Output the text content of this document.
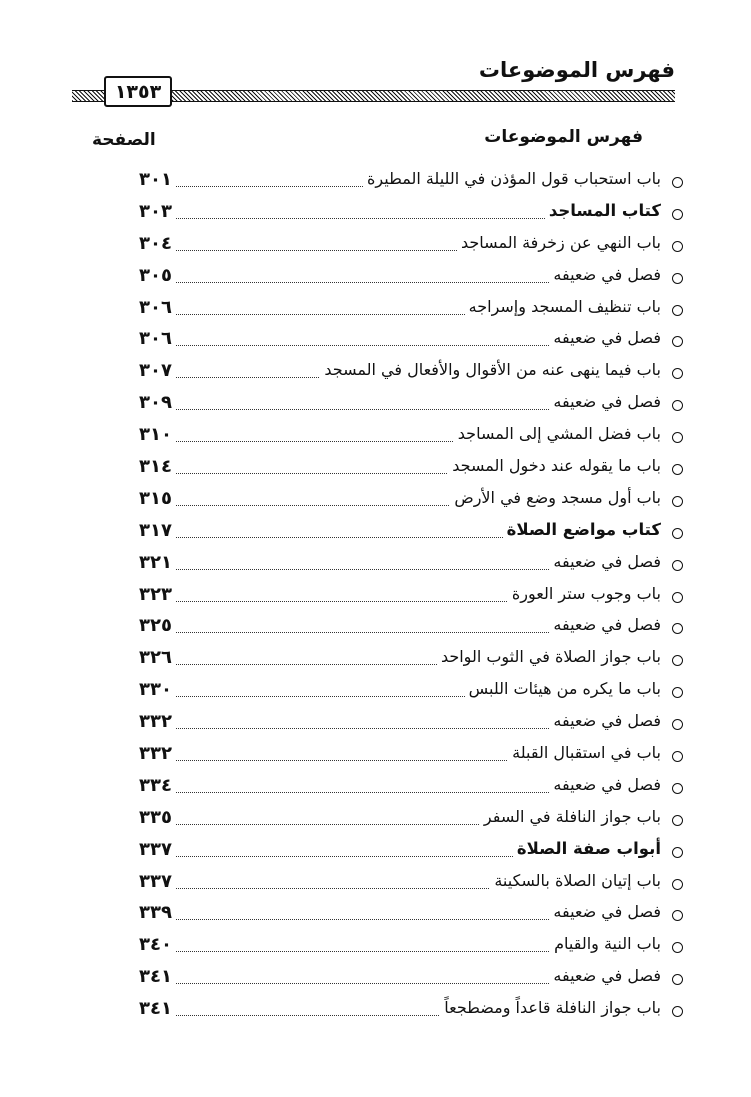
فهرس الموضوعات
١٣٥٣
فهرس الموضوعات
الصفحة
باب استحباب قول المؤذن في الليلة المطيرة
٣٠١
كتاب المساجد
٣٠٣
باب النهي عن زخرفة المساجد
٣٠٤
فصل في ضعيفه
٣٠٥
باب تنظيف المسجد وإسراجه
٣٠٦
فصل في ضعيفه
٣٠٦
باب فيما ينهى عنه من الأقوال والأفعال في المسجد
٣٠٧
فصل في ضعيفه
٣٠٩
باب فضل المشي إلى المساجد
٣١٠
باب ما يقوله عند دخول المسجد
٣١٤
باب أول مسجد وضع في الأرض
٣١٥
كتاب مواضع الصلاة
٣١٧
فصل في ضعيفه
٣٢١
باب وجوب ستر العورة
٣٢٣
فصل في ضعيفه
٣٢٥
باب جواز الصلاة في الثوب الواحد
٣٢٦
باب ما يكره من هيئات اللبس
٣٣٠
فصل في ضعيفه
٣٣٢
باب في استقبال القبلة
٣٣٢
فصل في ضعيفه
٣٣٤
باب جواز النافلة في السفر
٣٣٥
أبواب صفة الصلاة
٣٣٧
باب إتيان الصلاة بالسكينة
٣٣٧
فصل في ضعيفه
٣٣٩
باب النية والقيام
٣٤٠
فصل في ضعيفه
٣٤١
باب جواز النافلة قاعداً ومضطجعاً
٣٤١
